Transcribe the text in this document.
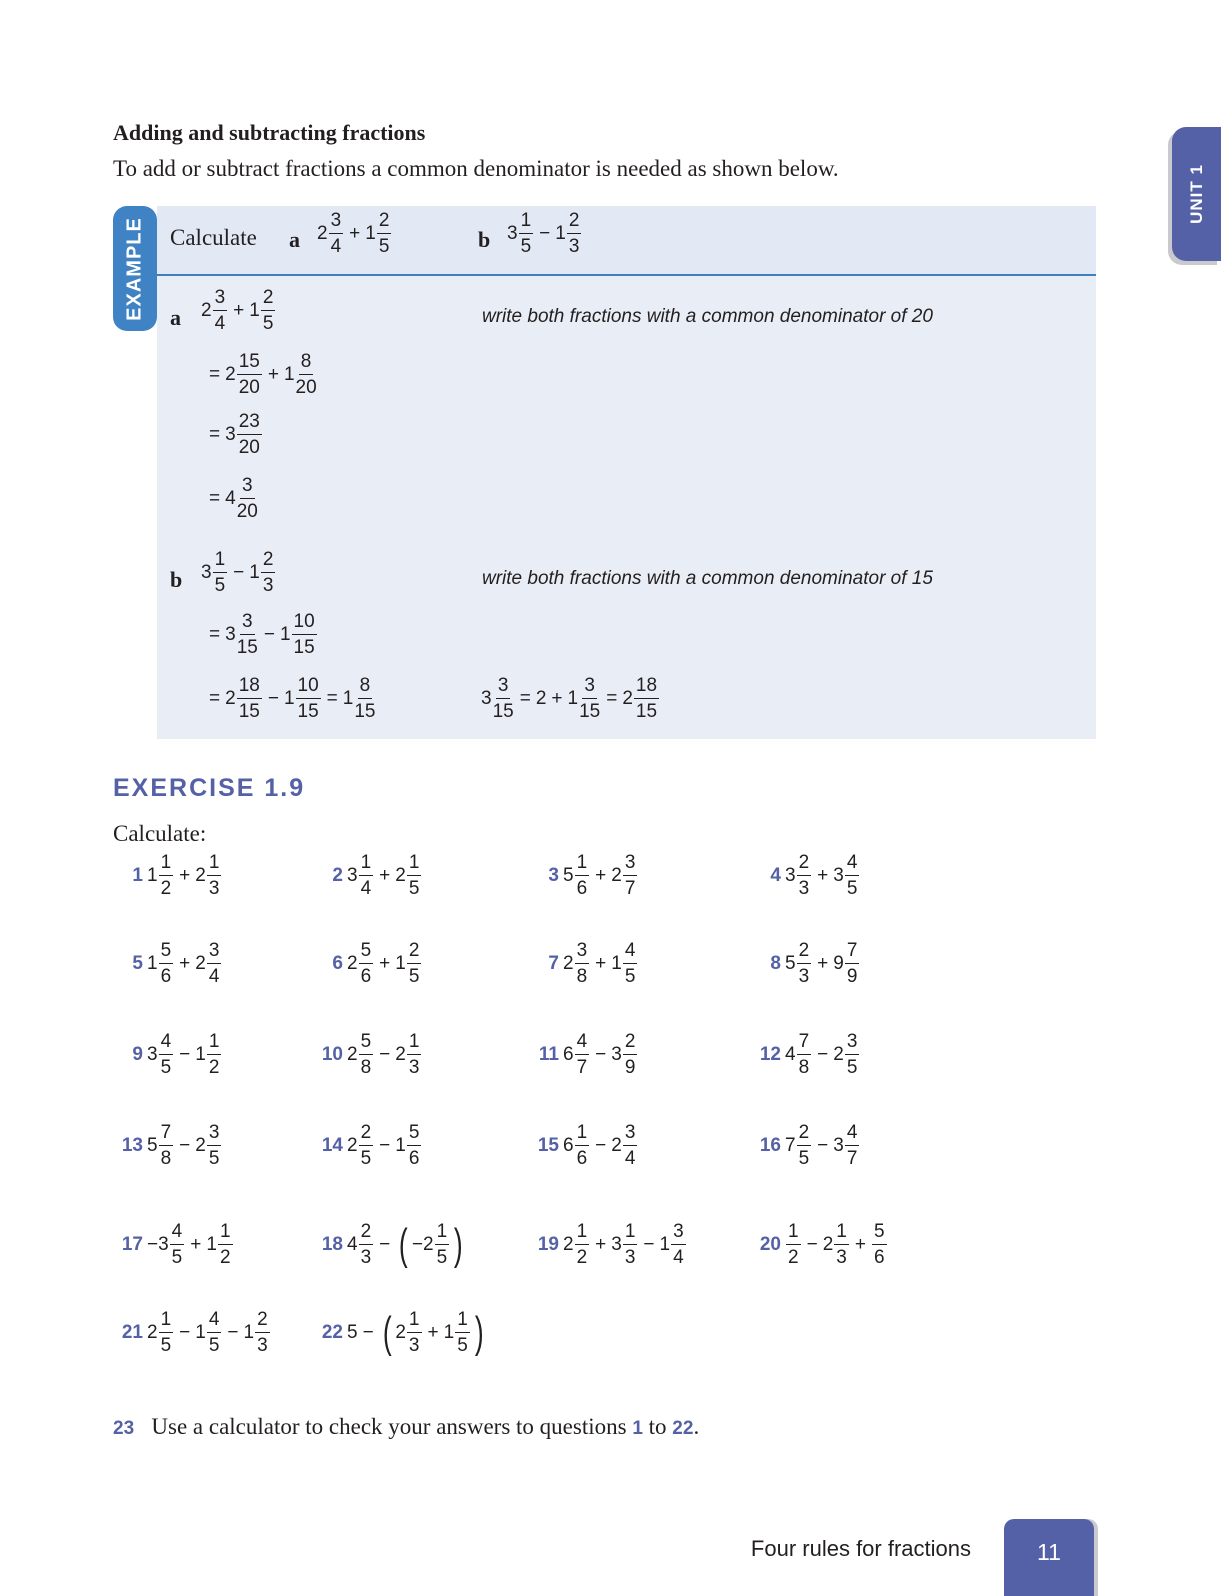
UNIT 1
Adding and subtracting fractions
To add or subtract fractions a common denominator is needed as shown below.
EXAMPLE Calculate a $2 \frac{3}{4} + 1 \frac{2}{5}$	b $3 \frac{1}{5} - 1 \frac{2}{3}$
a $2 \frac{3}{4} + 1 \frac{2}{5}$	write both fractions with a common denominator of 20
= $2 \frac{15}{20} + 1 \frac{8}{20}$
= $3 \frac{23}{20}$
= $4 \frac{3}{20}$
b $3 \frac{1}{5} - 1 \frac{2}{3}$	write both fractions with a common denominator of 15
= $3 \frac{3}{15} - 1 \frac{10}{15}$
= $2 \frac{18}{15} - 1 \frac{10}{15} = 1 \frac{8}{15}$	$3 \frac{3}{15} = 2 + 1 \frac{3}{15} = 2 \frac{18}{15}$
EXERCISE 1.9
Calculate:
1 $1 \frac{1}{2} + 2 \frac{1}{3}$	2 $3 \frac{1}{4} + 2 \frac{1}{5}$	3 $5 \frac{1}{6} + 2 \frac{3}{7}$	4 $3 \frac{2}{3} + 3 \frac{4}{5}$
5 $1 \frac{5}{6} + 2 \frac{3}{4}$	6 $2 \frac{5}{6} + 1 \frac{2}{5}$	7 $2 \frac{3}{8} + 1 \frac{4}{5}$	8 $5 \frac{2}{3} + 9 \frac{7}{9}$
9 $3 \frac{4}{5} - 1 \frac{1}{2}$	10 $2 \frac{5}{8} - 2 \frac{1}{3}$	11 $6 \frac{4}{7} - 3 \frac{2}{9}$	12 $4 \frac{7}{8} - 2 \frac{3}{5}$
13 $5 \frac{7}{8} - 2 \frac{3}{5}$	14 $2 \frac{2}{5} - 1 \frac{5}{6}$	15 $6 \frac{1}{6} - 2 \frac{3}{4}$	16 $7 \frac{2}{5} - 3 \frac{4}{7}$
$17 -3 \frac{4}{5} + 1 \frac{1}{2}$	18 $4 \frac{2}{3}$ − ( $-2 \frac{1}{5}$ )	19 $2 \frac{1}{2} + 3 \frac{1}{3} - 1 \frac{3}{4}$	$20 \frac{1}{2} - 2 \frac{1}{3} + \frac{5}{6}$
21 $2 \frac{1}{5} - 1 \frac{4}{5} - 1 \frac{2}{3}$	22 5 − ( $2 \frac{1}{3} + 1 \frac{1}{5}$ )
23 Use a calculator to check your answers to questions 1 to 22.
Four rules for fractions	11
